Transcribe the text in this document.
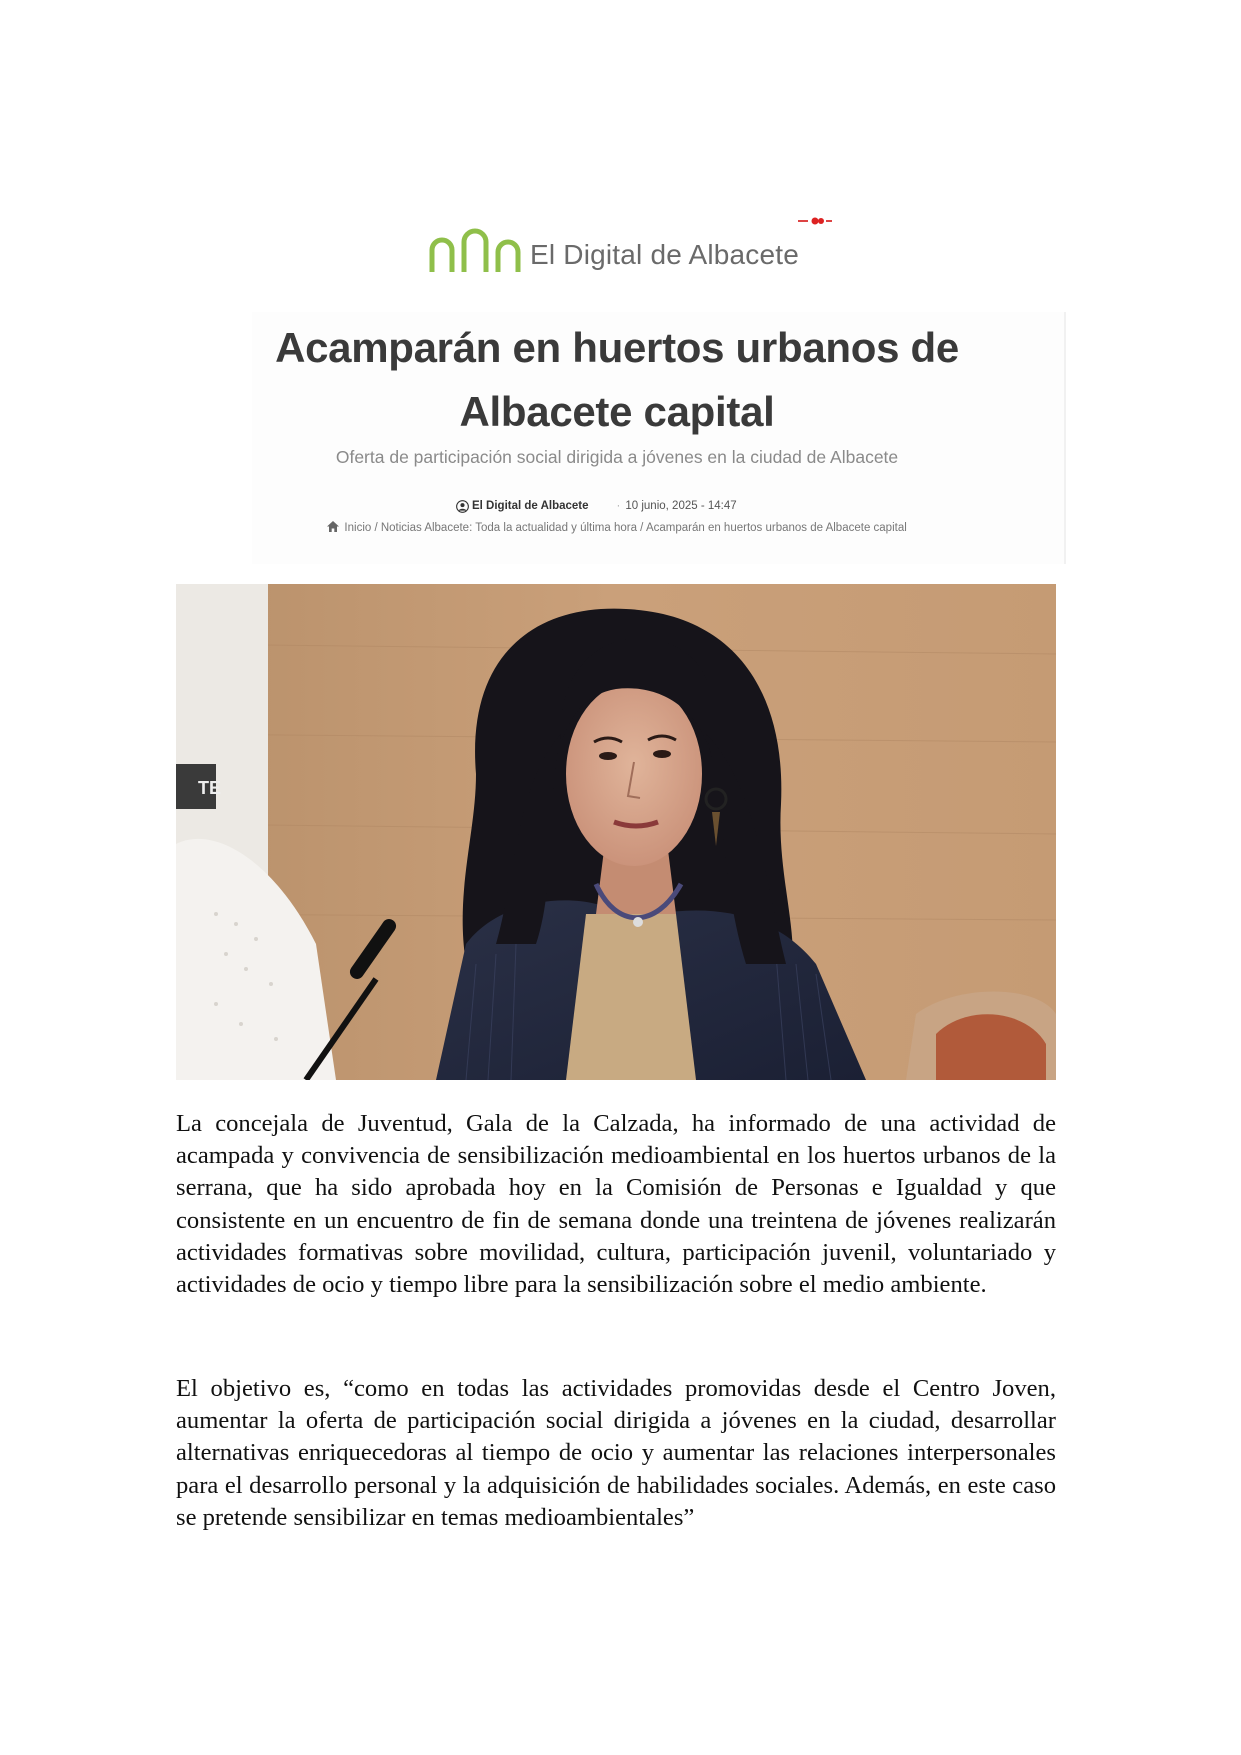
El Digital de Albacete
Acamparán en huertos urbanos de Albacete capital
Oferta de participación social dirigida a jóvenes en la ciudad de Albacete
El Digital de Albacete · 10 junio, 2025 - 14:47
Inicio / Noticias Albacete: Toda la actualidad y última hora / Acamparán en huertos urbanos de Albacete capital
TE

La concejala de Juventud, Gala de la Calzada, ha informado de una actividad de acampada y convivencia de sensibilización medioambiental en los huertos urbanos de la serrana, que ha sido aprobada hoy en la Comisión de Personas e Igualdad y que consistente en un encuentro de fin de semana donde una treintena de jóvenes realizarán actividades formativas sobre movilidad, cultura, participación juvenil, voluntariado y actividades de ocio y tiempo libre para la sensibilización sobre el medio ambiente.

El objetivo es, “como en todas las actividades promovidas desde el Centro Joven, aumentar la oferta de participación social dirigida a jóvenes en la ciudad, desarrollar alternativas enriquecedoras al tiempo de ocio y aumentar las relaciones interpersonales para el desarrollo personal y la adquisición de habilidades sociales. Además, en este caso se pretende sensibilizar en temas medioambientales”
